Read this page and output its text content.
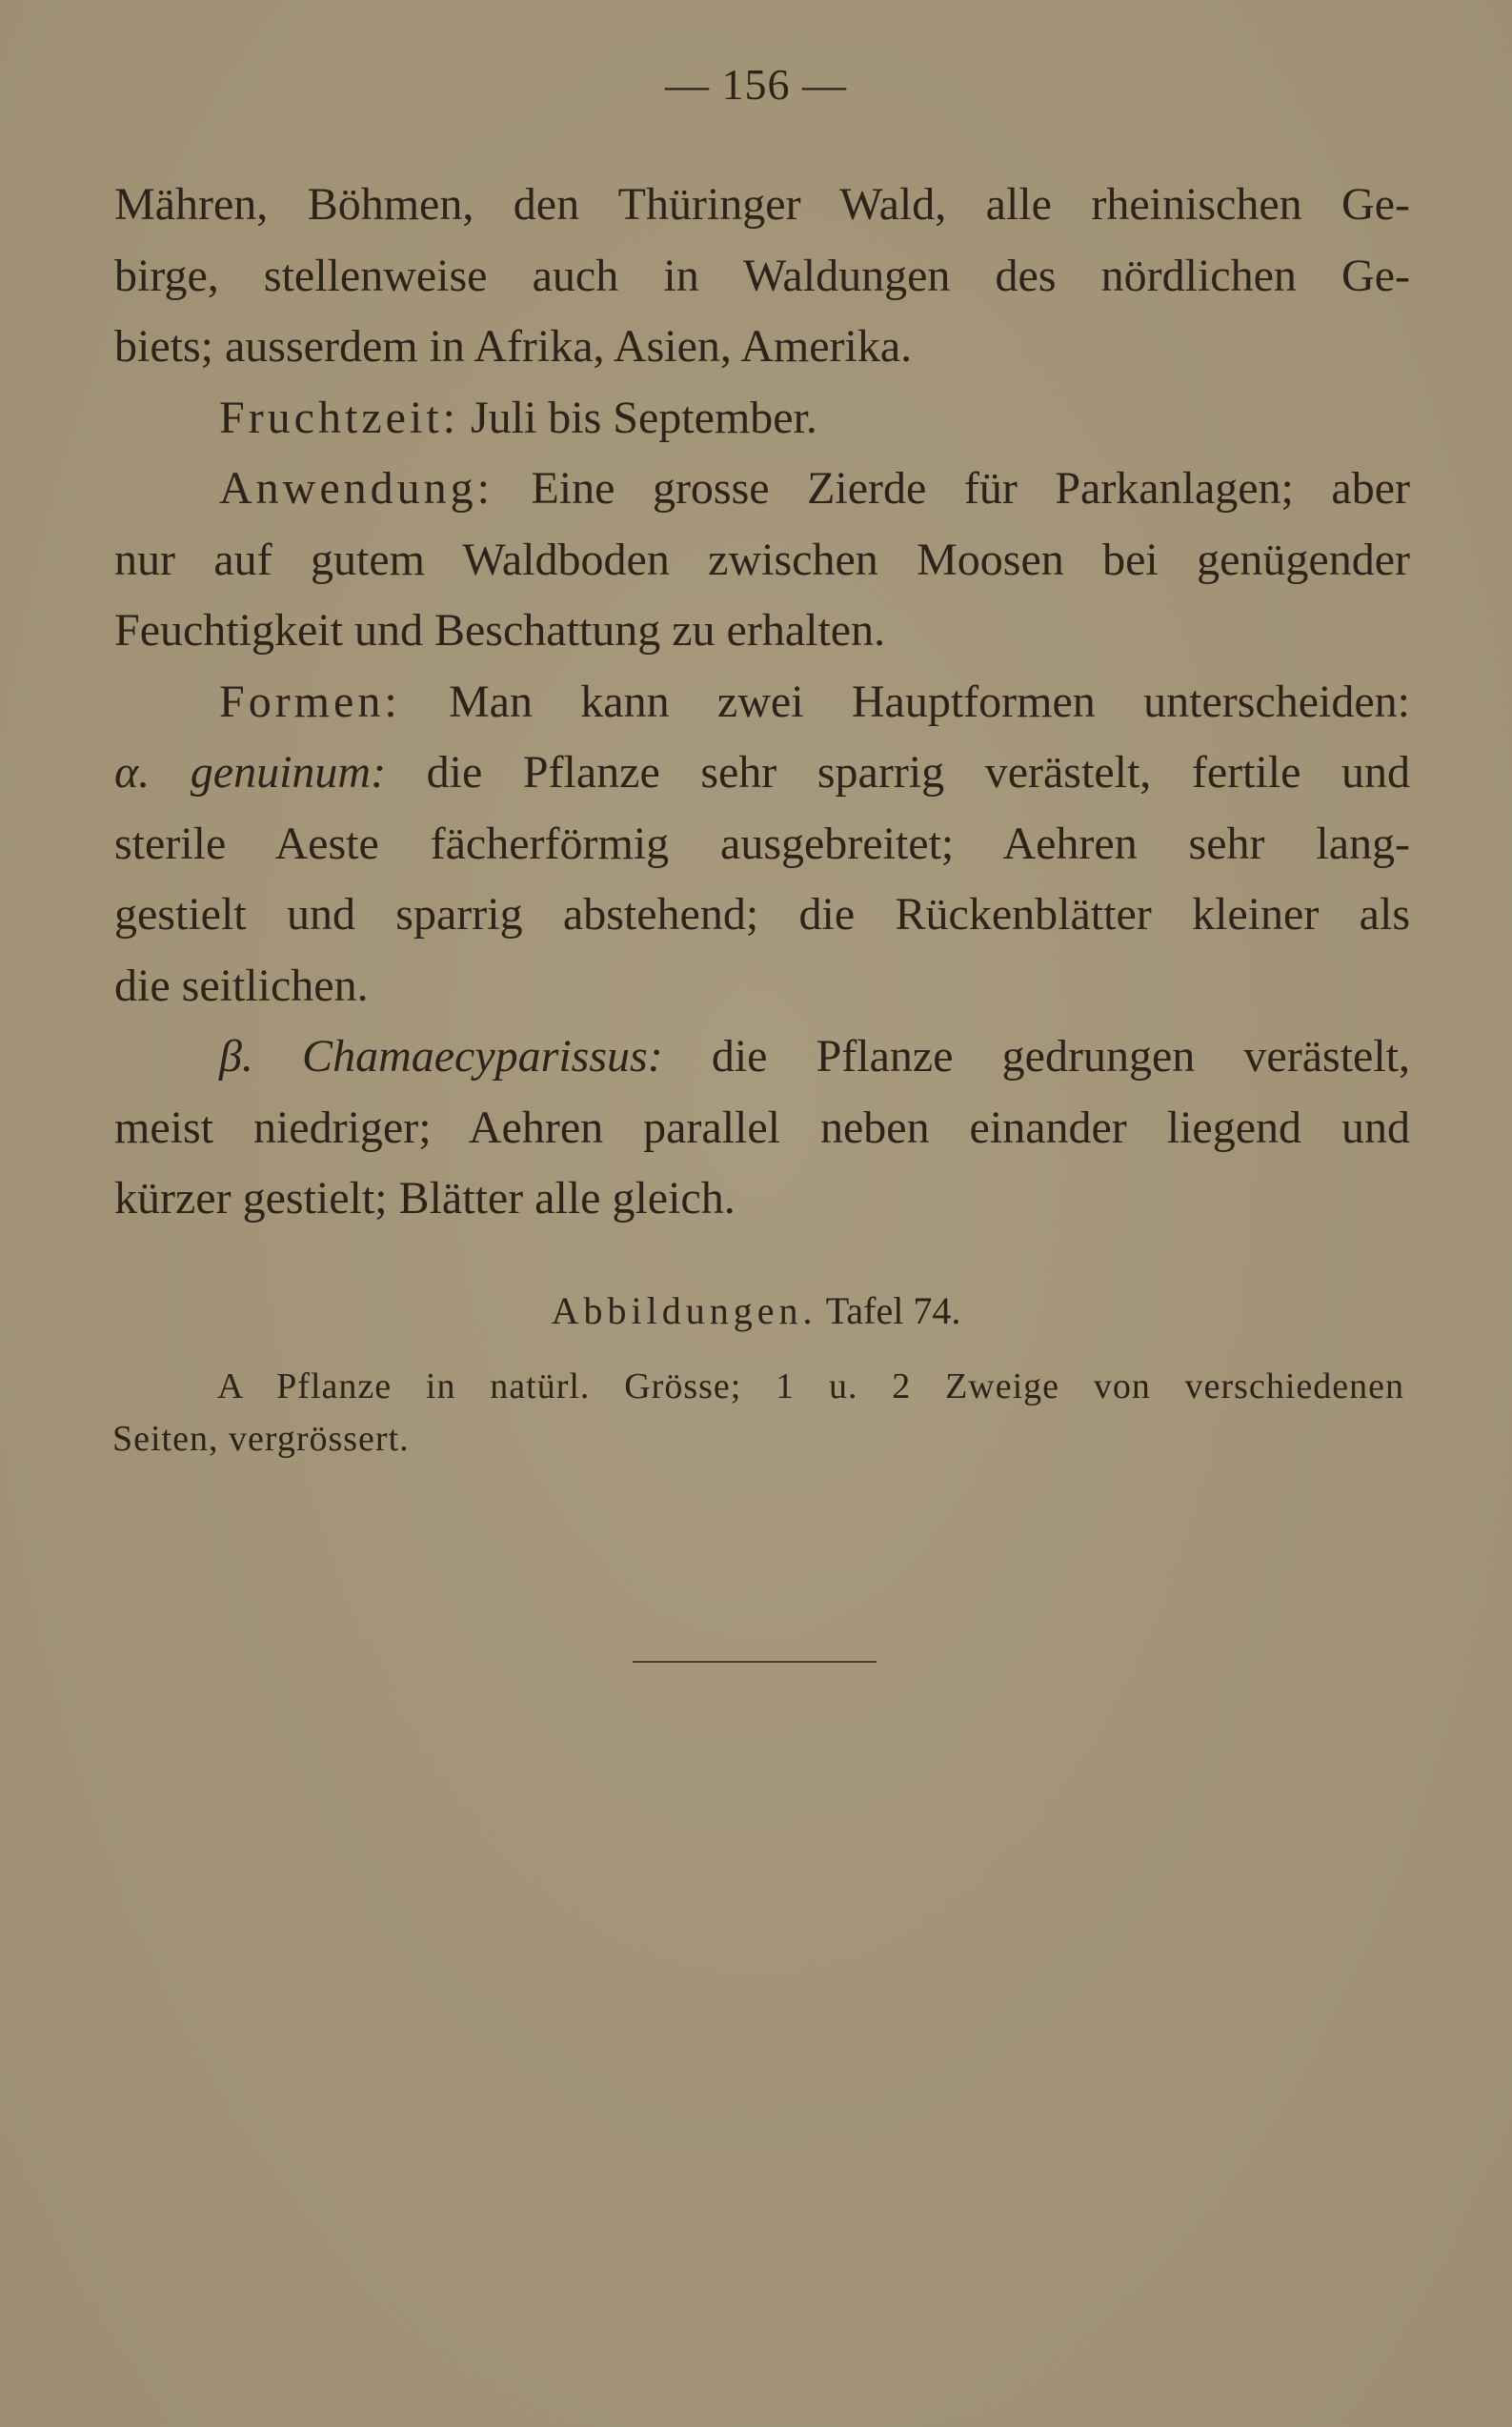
— 156 —
Mähren, Böhmen, den Thüringer Wald, alle rheinischen Ge-
birge, stellenweise auch in Waldungen des nördlichen Ge-
biets; ausserdem in Afrika, Asien, Amerika.
Fruchtzeit: Juli bis September.
Anwendung: Eine grosse Zierde für Parkanlagen; aber
nur auf gutem Waldboden zwischen Moosen bei genügender
Feuchtigkeit und Beschattung zu erhalten.
Formen: Man kann zwei Hauptformen unterscheiden:
α. genuinum: die Pflanze sehr sparrig verästelt, fertile und
sterile Aeste fächerförmig ausgebreitet; Aehren sehr lang-
gestielt und sparrig abstehend; die Rückenblätter kleiner als
die seitlichen.
β. Chamaecyparissus: die Pflanze gedrungen verästelt,
meist niedriger; Aehren parallel neben einander liegend und
kürzer gestielt; Blätter alle gleich.
Abbildungen. Tafel 74.
A Pflanze in natürl. Grösse; 1 u. 2 Zweige von verschiedenen
Seiten, vergrössert.
